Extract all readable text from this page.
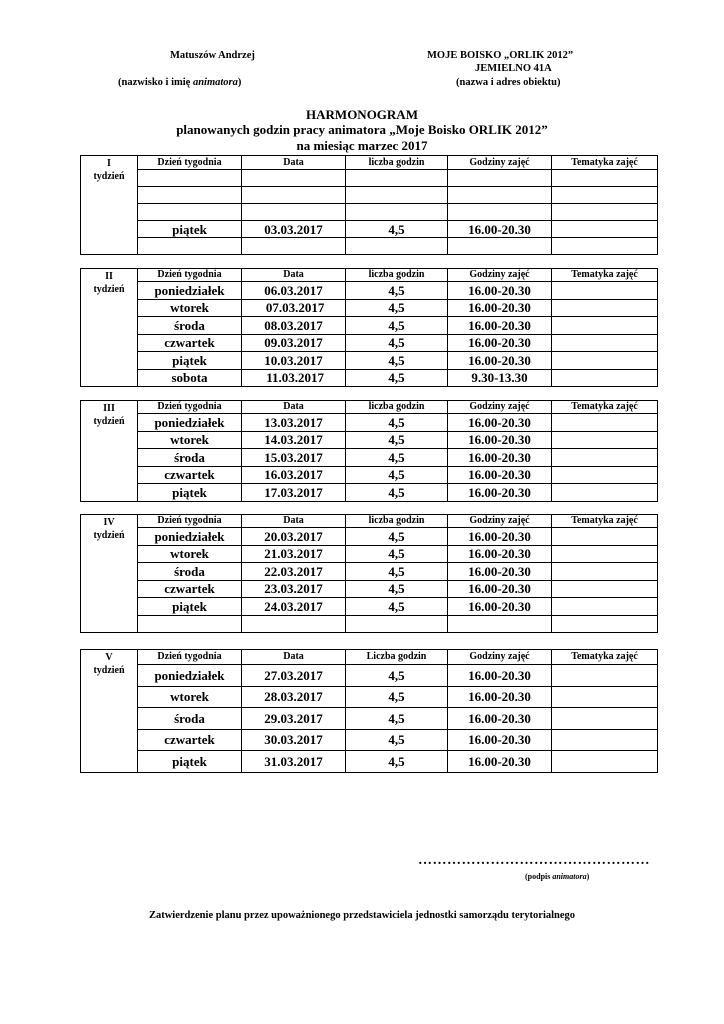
Matuszów Andrzej
(nazwisko i imię animatora)
MOJE BOISKO „ORLIK 2012”
JEMIELNO 41A
(nazwa i adres obiektu)
HARMONOGRAM
planowanych godzin pracy animatora „Moje Boisko ORLIK 2012”
na miesiąc marzec 2017
I
tydzień	Dzień tygodnia	Data	liczba godzin	Godziny zajęć	Tematyka zajęć

	piątek	03.03.2017	4,5	16.00-20.30	

II
tydzień	Dzień tygodnia	Data	liczba godzin	Godziny zajęć	Tematyka zajęć
	poniedziałek	06.03.2017	4,5	16.00-20.30	
	wtorek	07.03.2017	4,5	16.00-20.30	
	środa	08.03.2017	4,5	16.00-20.30	
	czwartek	09.03.2017	4,5	16.00-20.30	
	piątek	10.03.2017	4,5	16.00-20.30	
	sobota	11.03.2017	4,5	9.30-13.30	
III
tydzień	Dzień tygodnia	Data	liczba godzin	Godziny zajęć	Tematyka zajęć
	poniedziałek	13.03.2017	4,5	16.00-20.30	
	wtorek	14.03.2017	4,5	16.00-20.30	
	środa	15.03.2017	4,5	16.00-20.30	
	czwartek	16.03.2017	4,5	16.00-20.30	
	piątek	17.03.2017	4,5	16.00-20.30	
IV
tydzień	Dzień tygodnia	Data	liczba godzin	Godziny zajęć	Tematyka zajęć
	poniedziałek	20.03.2017	4,5	16.00-20.30	
	wtorek	21.03.2017	4,5	16.00-20.30	
	środa	22.03.2017	4,5	16.00-20.30	
	czwartek	23.03.2017	4,5	16.00-20.30	
	piątek	24.03.2017	4,5	16.00-20.30	

V
tydzień	Dzień tygodnia	Data	Liczba godzin	Godziny zajęć	Tematyka zajęć
	poniedziałek	27.03.2017	4,5	16.00-20.30	
	wtorek	28.03.2017	4,5	16.00-20.30	
	środa	29.03.2017	4,5	16.00-20.30	
	czwartek	30.03.2017	4,5	16.00-20.30	
	piątek	31.03.2017	4,5	16.00-20.30	
…………………………………………
(podpis animatora)
Zatwierdzenie planu przez upoważnionego przedstawiciela jednostki samorządu terytorialnego
